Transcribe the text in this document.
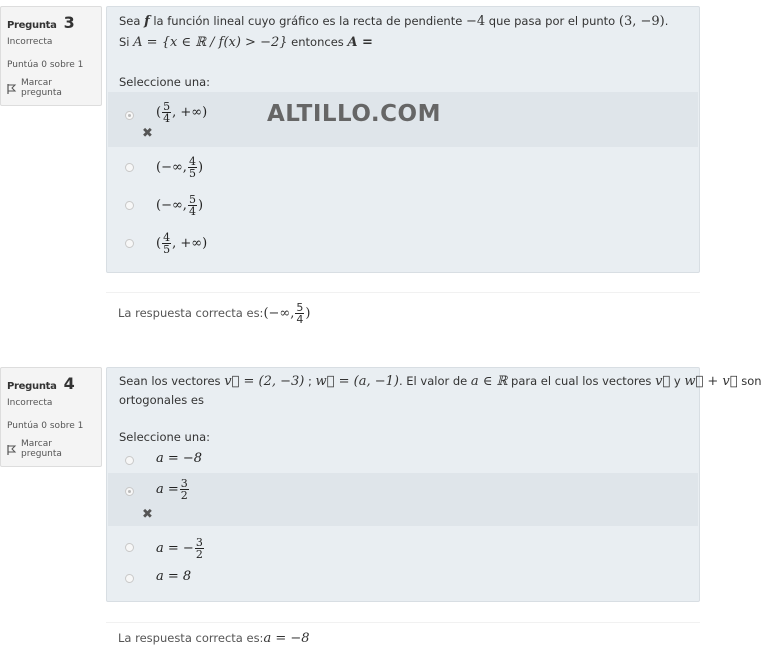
Pregunta 3
Incorrecta
Puntúa 0 sobre 1
Marcar pregunta
Sea f la función lineal cuyo gráfico es la recta de pendiente −4 que pasa por el punto (3, −9).
Si A = {x ∈ ℝ / f(x) > −2} entonces A =
Seleccione una:
( $\frac{5}{4}$ , +∞)
✖
(−∞, $\frac{4}{5}$ )
(−∞, $\frac{5}{4}$ )
( $\frac{4}{5}$ , +∞)
ALTILLO.COM
La respuesta correcta es: (−∞, $\frac{5}{4}$ )
Pregunta 4
Incorrecta
Puntúa 0 sobre 1
Marcar pregunta
Sean los vectores v⃗ = (2, −3) ; w⃗ = (a, −1). El valor de a ∈ ℝ para el cual los vectores v⃗ y w⃗ + v⃗ son
ortogonales es
Seleccione una:
a = −8
$a = \frac{3}{2}$
✖
a = − $\frac{3}{2}$
a = 8
La respuesta correcta es: a = −8
